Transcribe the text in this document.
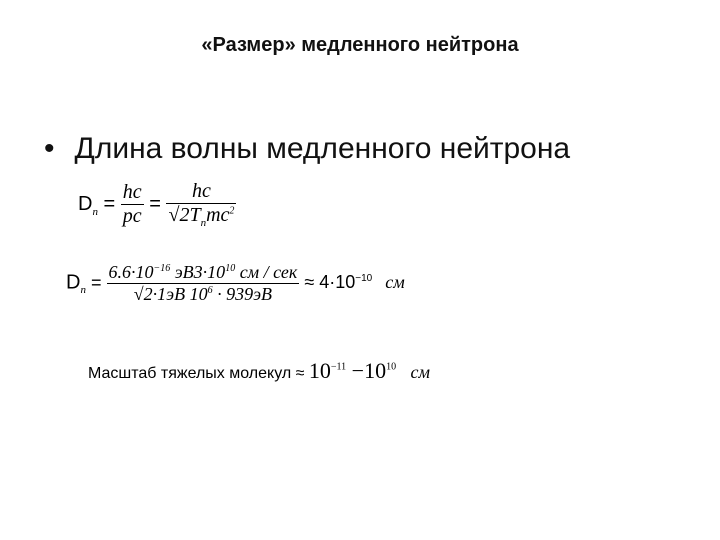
«Размер» медленного нейтрона
• Длина волны медленного нейтрона
$D_n = \frac{hc}{pc} = \frac{hc}{√2T_nmc^2}$
$D_n = \frac{6.6\cdot 10^{-16} эВ3\cdot 10^{10} см / сек}{√2\cdot 1эВ 10^6 \cdot 939эВ} \approx 4\cdot 10^{-10}$ см
Масштаб тяжелых молекул ≈ $10^{-11} -10^{10}$ см
